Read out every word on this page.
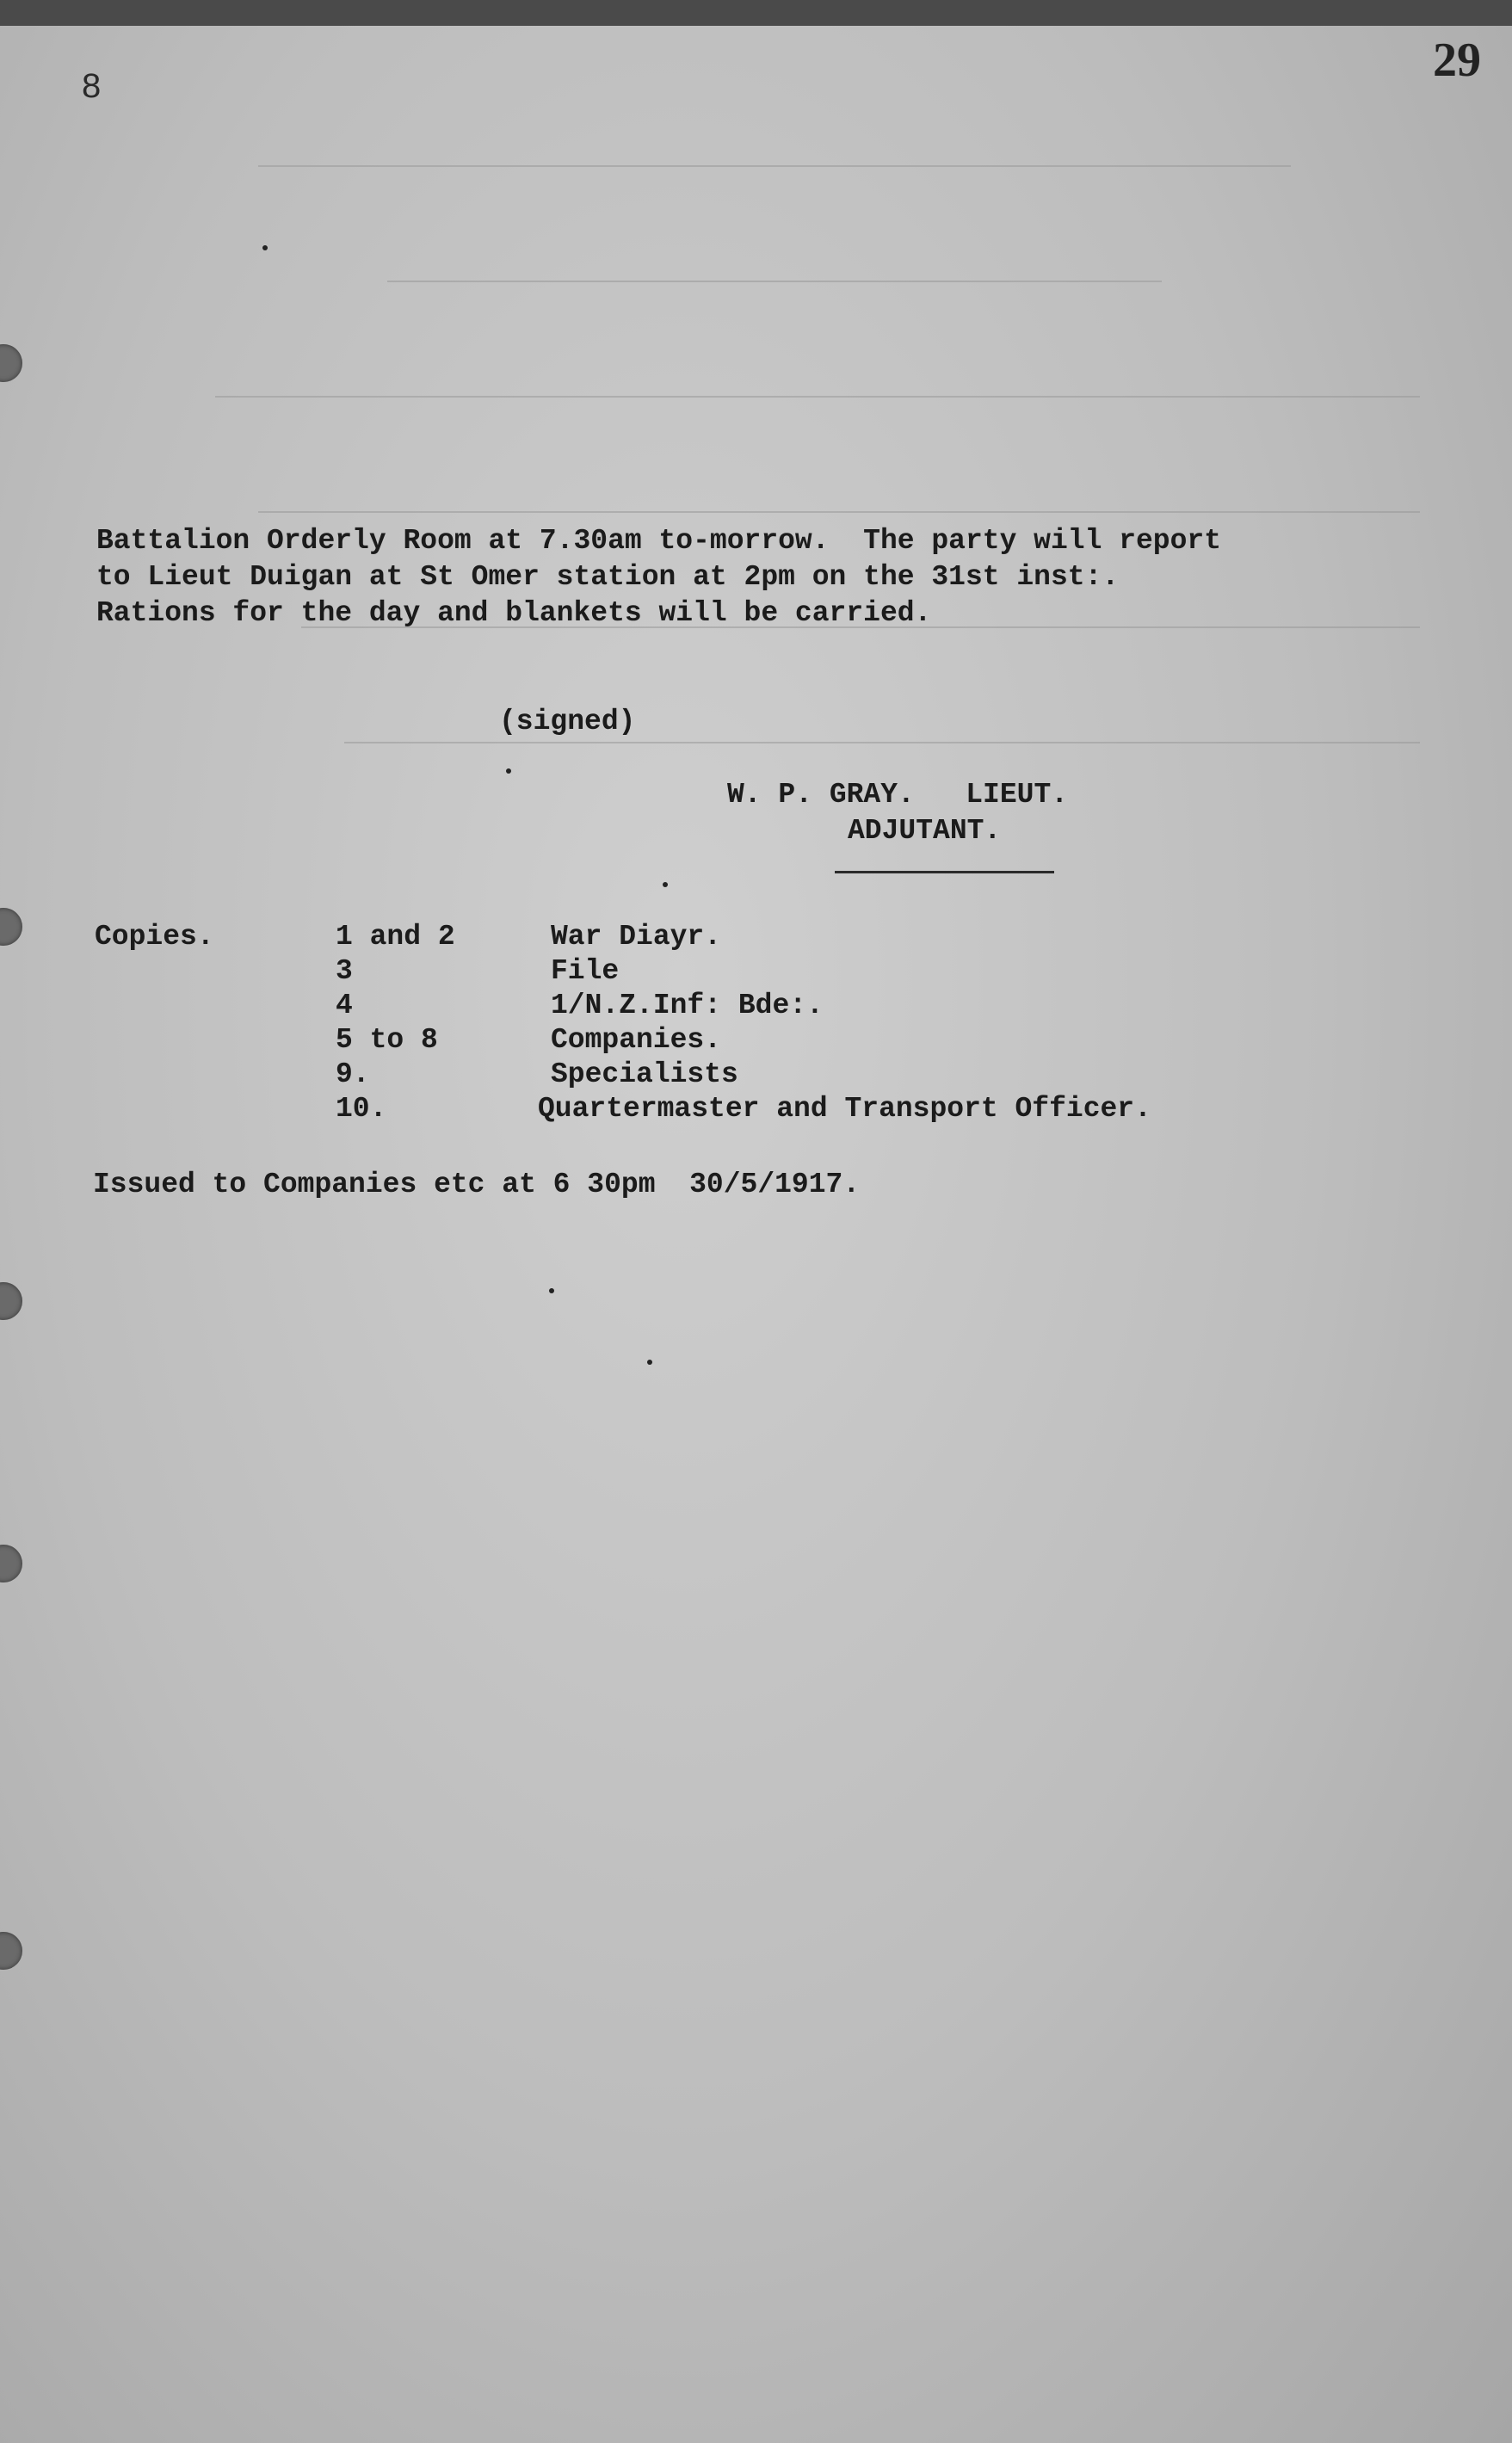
8	29

Battalion Orderly Room at 7.30am to-morrow.  The party will report
to Lieut Duigan at St Omer station at 2pm on the 31st inst:.
Rations for the day and blankets will be carried.
(signed)
W. P. GRAY.   LIEUT.
ADJUTANT.
Copies.	1 and 2	War Diayr.
3	File
4	1/N.Z.Inf: Bde:.
5 to 8	Companies.
9.	Specialists
10.	Quartermaster and Transport Officer.
Issued to Companies etc at 6 30pm  30/5/1917.
